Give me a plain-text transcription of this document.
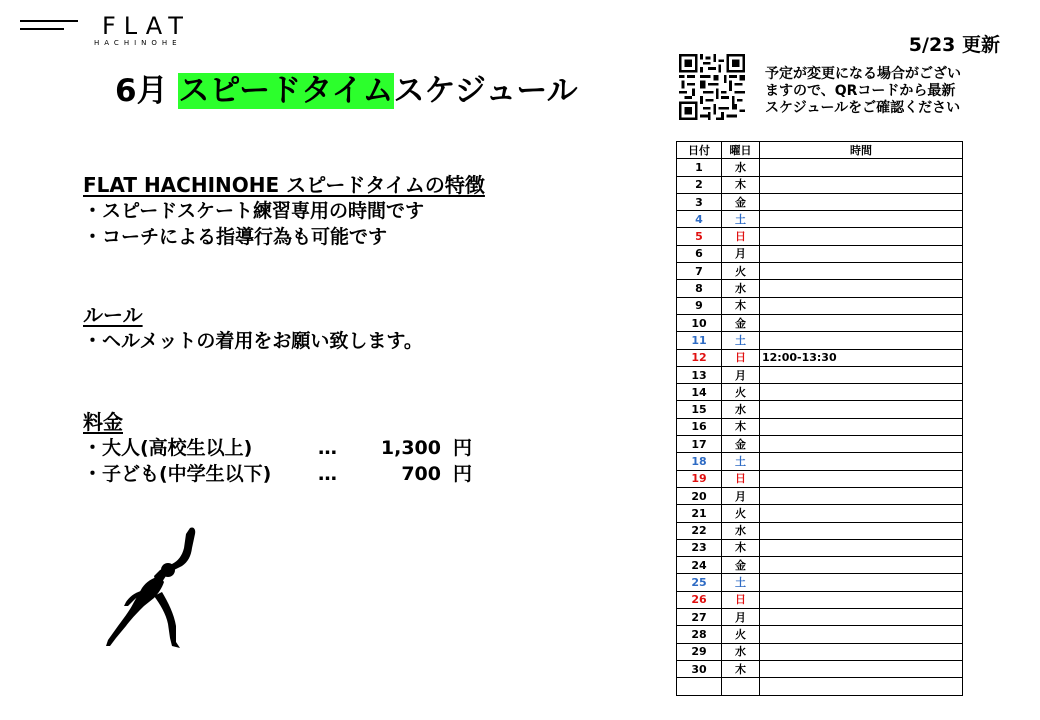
FLAT
HACHINOHE	5/23 更新
6月 スピードタイムスケジュール	予定が変更になる場合がござい
ますので、QRコードから最新
スケジュールをご確認ください
FLAT HACHINOHE スピードタイムの特徴
・スピードスケート練習専用の時間です
・コーチによる指導行為も可能です
ルール
・ヘルメットの着用をお願い致します。
料金
・大人(高校生以上)	…	1,300 円
・子ども(中学生以下)	…	700 円
日付	曜日	時間
1	水	
2	木	
3	金	
4	土	
5	日	
6	月	
7	火	
8	水	
9	木	
10	金	
11	土	
12	日	12:00-13:30
13	月	
14	火	
15	水	
16	木	
17	金	
18	土	
19	日	
20	月	
21	火	
22	水	
23	木	
24	金	
25	土	
26	日	
27	月	
28	火	
29	水	
30	木	
